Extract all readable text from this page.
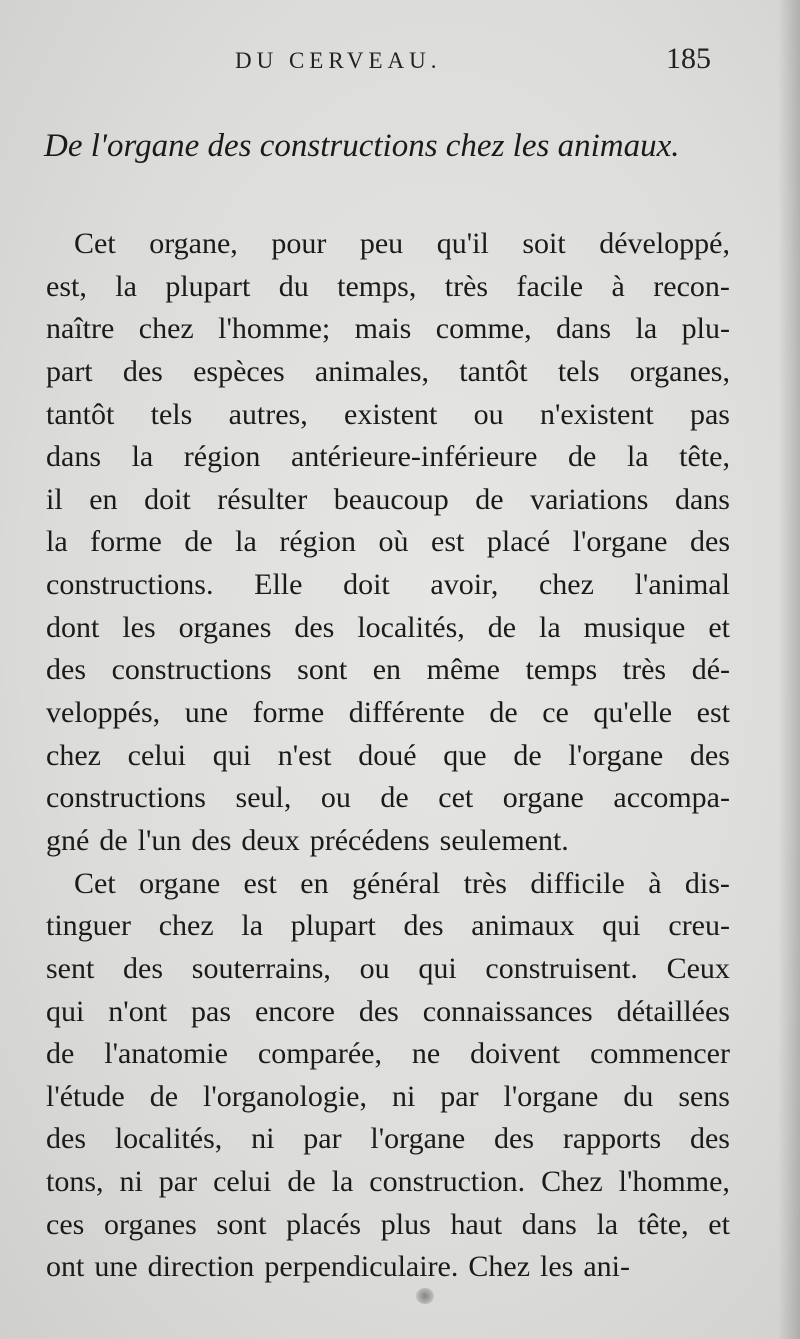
DU CERVEAU.	185
De l'organe des constructions chez les animaux.
Cet organe, pour peu qu'il soit développé,
est, la plupart du temps, très facile à recon-
naître chez l'homme; mais comme, dans la plu-
part des espèces animales, tantôt tels organes,
tantôt tels autres, existent ou n'existent pas
dans la région antérieure-inférieure de la tête,
il en doit résulter beaucoup de variations dans
la forme de la région où est placé l'organe des
constructions. Elle doit avoir, chez l'animal
dont les organes des localités, de la musique et
des constructions sont en même temps très dé-
veloppés, une forme différente de ce qu'elle est
chez celui qui n'est doué que de l'organe des
constructions seul, ou de cet organe accompa-
gné de l'un des deux précédens seulement.
Cet organe est en général très difficile à dis-
tinguer chez la plupart des animaux qui creu-
sent des souterrains, ou qui construisent. Ceux
qui n'ont pas encore des connaissances détaillées
de l'anatomie comparée, ne doivent commencer
l'étude de l'organologie, ni par l'organe du sens
des localités, ni par l'organe des rapports des
tons, ni par celui de la construction. Chez l'homme,
ces organes sont placés plus haut dans la tête, et
ont une direction perpendiculaire. Chez les ani-
